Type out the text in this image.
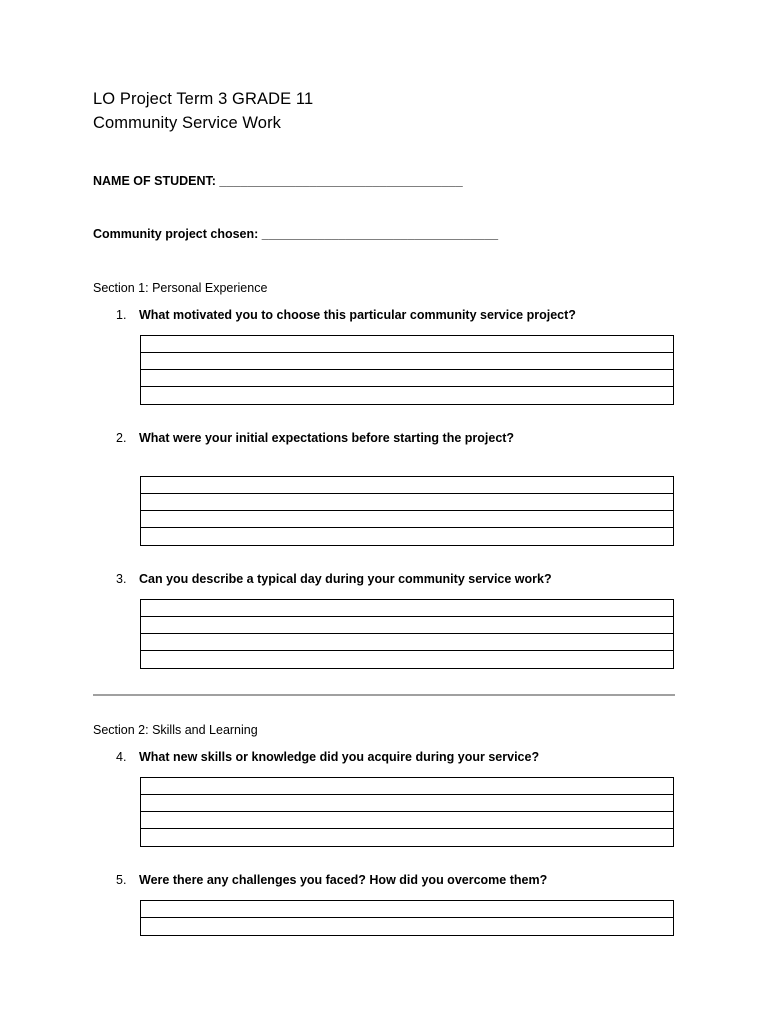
LO Project Term 3 GRADE 11
Community Service Work
NAME OF STUDENT: ___________________________________
Community project chosen: __________________________________
Section 1: Personal Experience
1. What motivated you to choose this particular community service project?
2. What were your initial expectations before starting the project?
3. Can you describe a typical day during your community service work?
Section 2: Skills and Learning
4. What new skills or knowledge did you acquire during your service?
5. Were there any challenges you faced? How did you overcome them?
